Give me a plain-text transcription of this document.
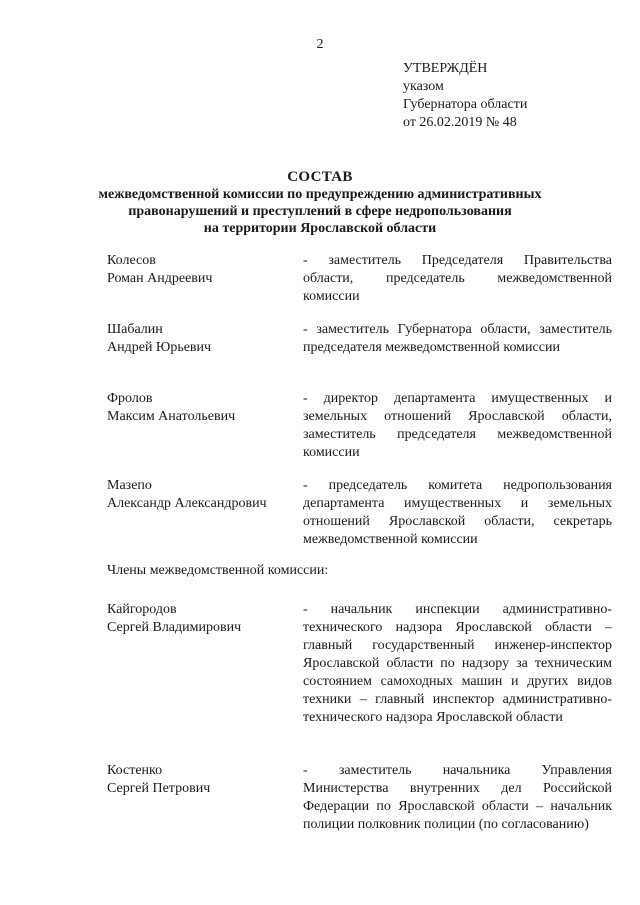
2
УТВЕРЖДЁН
указом
Губернатора области
от 26.02.2019 № 48
СОСТАВ
межведомственной комиссии по предупреждению административных
правонарушений и преступлений в сфере недропользования
на территории Ярославской области
Колесов
Роман Андреевич
- заместитель Председателя Правительства области, председатель межведомственной комиссии
Шабалин
Андрей Юрьевич
- заместитель Губернатора области, заместитель председателя межведомственной комиссии
Фролов
Максим Анатольевич
- директор департамента имущественных и земельных отношений Ярославской области, заместитель председателя межведомственной комиссии
Мазепо
Александр Александрович
- председатель комитета недропользования департамента имущественных и земельных отношений Ярославской области, секретарь межведомственной комиссии
Члены межведомственной комиссии:
Кайгородов
Сергей Владимирович
- начальник инспекции административно-технического надзора Ярославской области – главный государственный инженер-инспектор Ярославской области по надзору за техническим состоянием самоходных машин и других видов техники – главный инспектор административно-технического надзора Ярославской области
Костенко
Сергей Петрович
- заместитель начальника Управления Министерства внутренних дел Российской Федерации по Ярославской области – начальник полиции полковник полиции (по согласованию)
